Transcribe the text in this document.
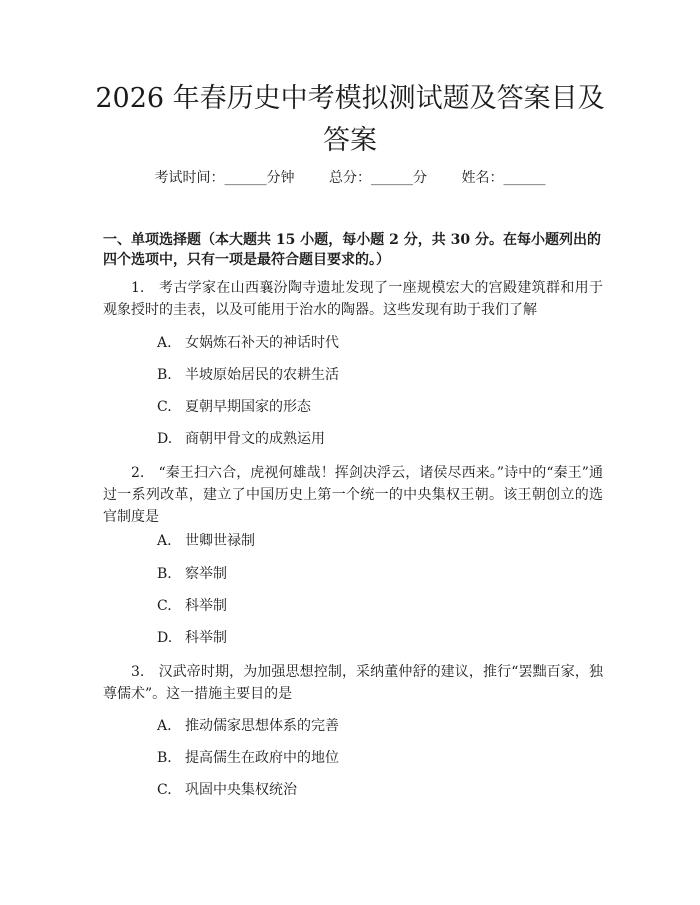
2026 年春历史中考模拟测试题及答案目及答案
考试时间：______分钟 总分：______分 姓名：______
一、单项选择题（本大题共 15 小题，每小题 2 分，共 30 分。在每小题列出的四个选项中，只有一项是最符合题目要求的。）
1.　考古学家在山西襄汾陶寺遗址发现了一座规模宏大的宫殿建筑群和用于观象授时的圭表，以及可能用于治水的陶器。这些发现有助于我们了解
A. 女娲炼石补天的神话时代
B. 半坡原始居民的农耕生活
C. 夏朝早期国家的形态
D. 商朝甲骨文的成熟运用
2.　“秦王扫六合，虎视何雄哉！挥剑决浮云，诸侯尽西来。”诗中的“秦王”通过一系列改革，建立了中国历史上第一个统一的中央集权王朝。该王朝创立的选官制度是
A. 世卿世禄制
B. 察举制
C. 科举制
D. 科举制
3.　汉武帝时期，为加强思想控制，采纳董仲舒的建议，推行“罢黜百家，独尊儒术”。这一措施主要目的是
A. 推动儒家思想体系的完善
B. 提高儒生在政府中的地位
C. 巩固中央集权统治
